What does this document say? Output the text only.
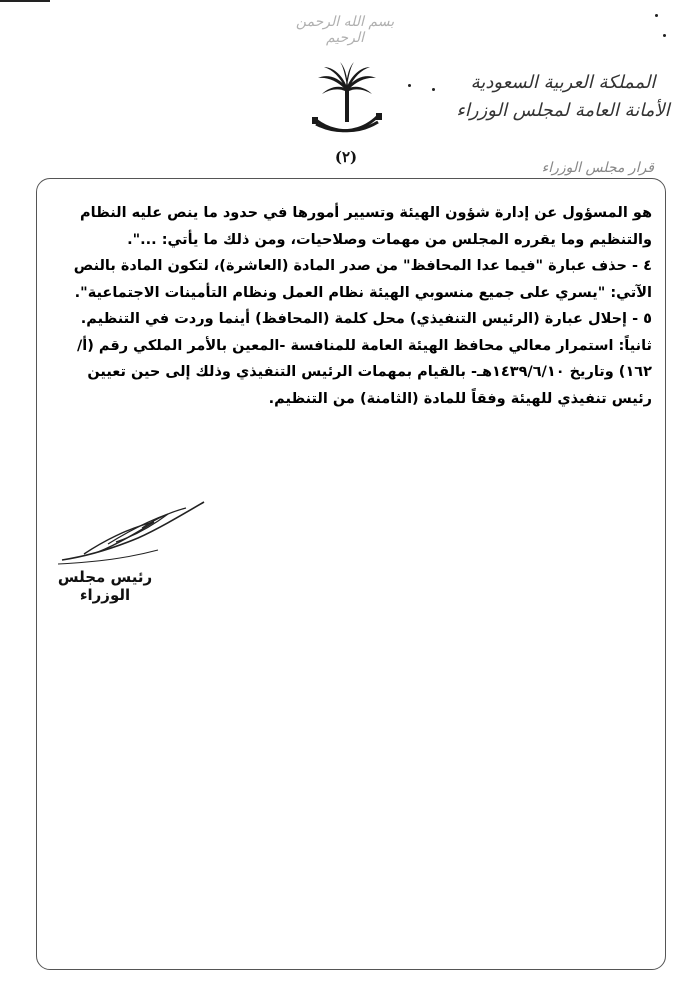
بسم الله الرحمن الرحيم
(٢)
المملكة العربية السعودية
الأمانة العامة لمجلس الوزراء
قرار مجلس الوزراء

هو المسؤول عن إدارة شؤون الهيئة وتسيير أمورها في حدود ما ينص عليه النظام والتنظيم وما يقرره المجلس من مهمات وصلاحيات، ومن ذلك ما يأتي: ...".

٤ - حذف عبارة "فيما عدا المحافظ" من صدر المادة (العاشرة)، لتكون المادة بالنص الآتي: "يسري على جميع منسوبي الهيئة نظام العمل ونظام التأمينات الاجتماعية".

٥ - إحلال عبارة (الرئيس التنفيذي) محل كلمة (المحافظ) أينما وردت في التنظيم.

ثانياً: استمرار معالي محافظ الهيئة العامة للمنافسة -المعين بالأمر الملكي رقم (أ/١٦٢) وتاريخ ١٤٣٩/٦/١٠هـ- بالقيام بمهمات الرئيس التنفيذي وذلك إلى حين تعيين رئيس تنفيذي للهيئة وفقاً للمادة (الثامنة) من التنظيم.

رئيس مجلس الوزراء
